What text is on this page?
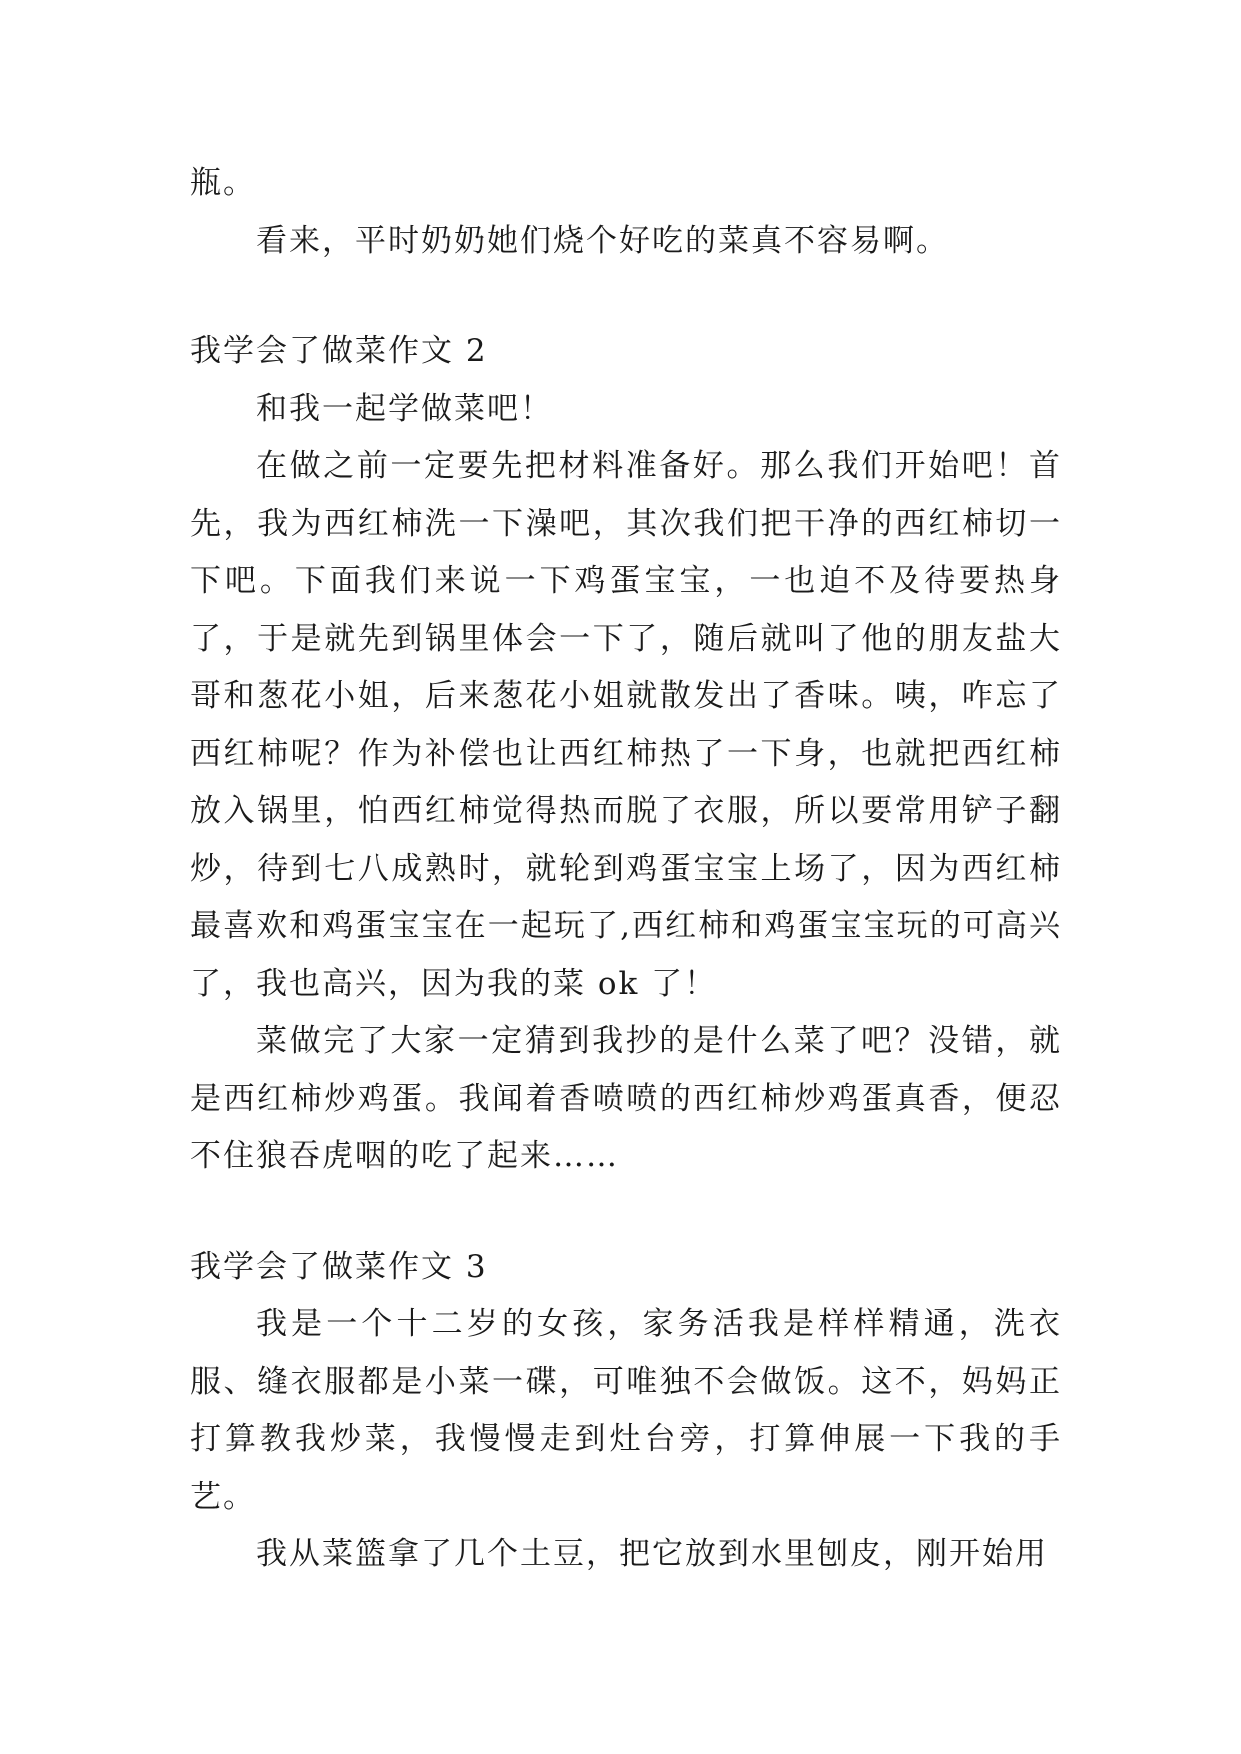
瓶。

看来，平时奶奶她们烧个好吃的菜真不容易啊。

我学会了做菜作文 2

和我一起学做菜吧！

在做之前一定要先把材料准备好。那么我们开始吧！首先，我为西红柿洗一下澡吧，其次我们把干净的西红柿切一下吧。下面我们来说一下鸡蛋宝宝，一也迫不及待要热身了，于是就先到锅里体会一下了，随后就叫了他的朋友盐大哥和葱花小姐，后来葱花小姐就散发出了香味。咦，咋忘了西红柿呢？作为补偿也让西红柿热了一下身，也就把西红柿放入锅里，怕西红柿觉得热而脱了衣服，所以要常用铲子翻炒，待到七八成熟时，就轮到鸡蛋宝宝上场了，因为西红柿最喜欢和鸡蛋宝宝在一起玩了,西红柿和鸡蛋宝宝玩的可高兴了，我也高兴，因为我的菜 ok 了！

菜做完了大家一定猜到我抄的是什么菜了吧？没错，就是西红柿炒鸡蛋。我闻着香喷喷的西红柿炒鸡蛋真香，便忍不住狼吞虎咽的吃了起来……

我学会了做菜作文 3

我是一个十二岁的女孩，家务活我是样样精通，洗衣服、缝衣服都是小菜一碟，可唯独不会做饭。这不，妈妈正打算教我炒菜，我慢慢走到灶台旁，打算伸展一下我的手艺。

我从菜篮拿了几个土豆，把它放到水里刨皮，刚开始用
